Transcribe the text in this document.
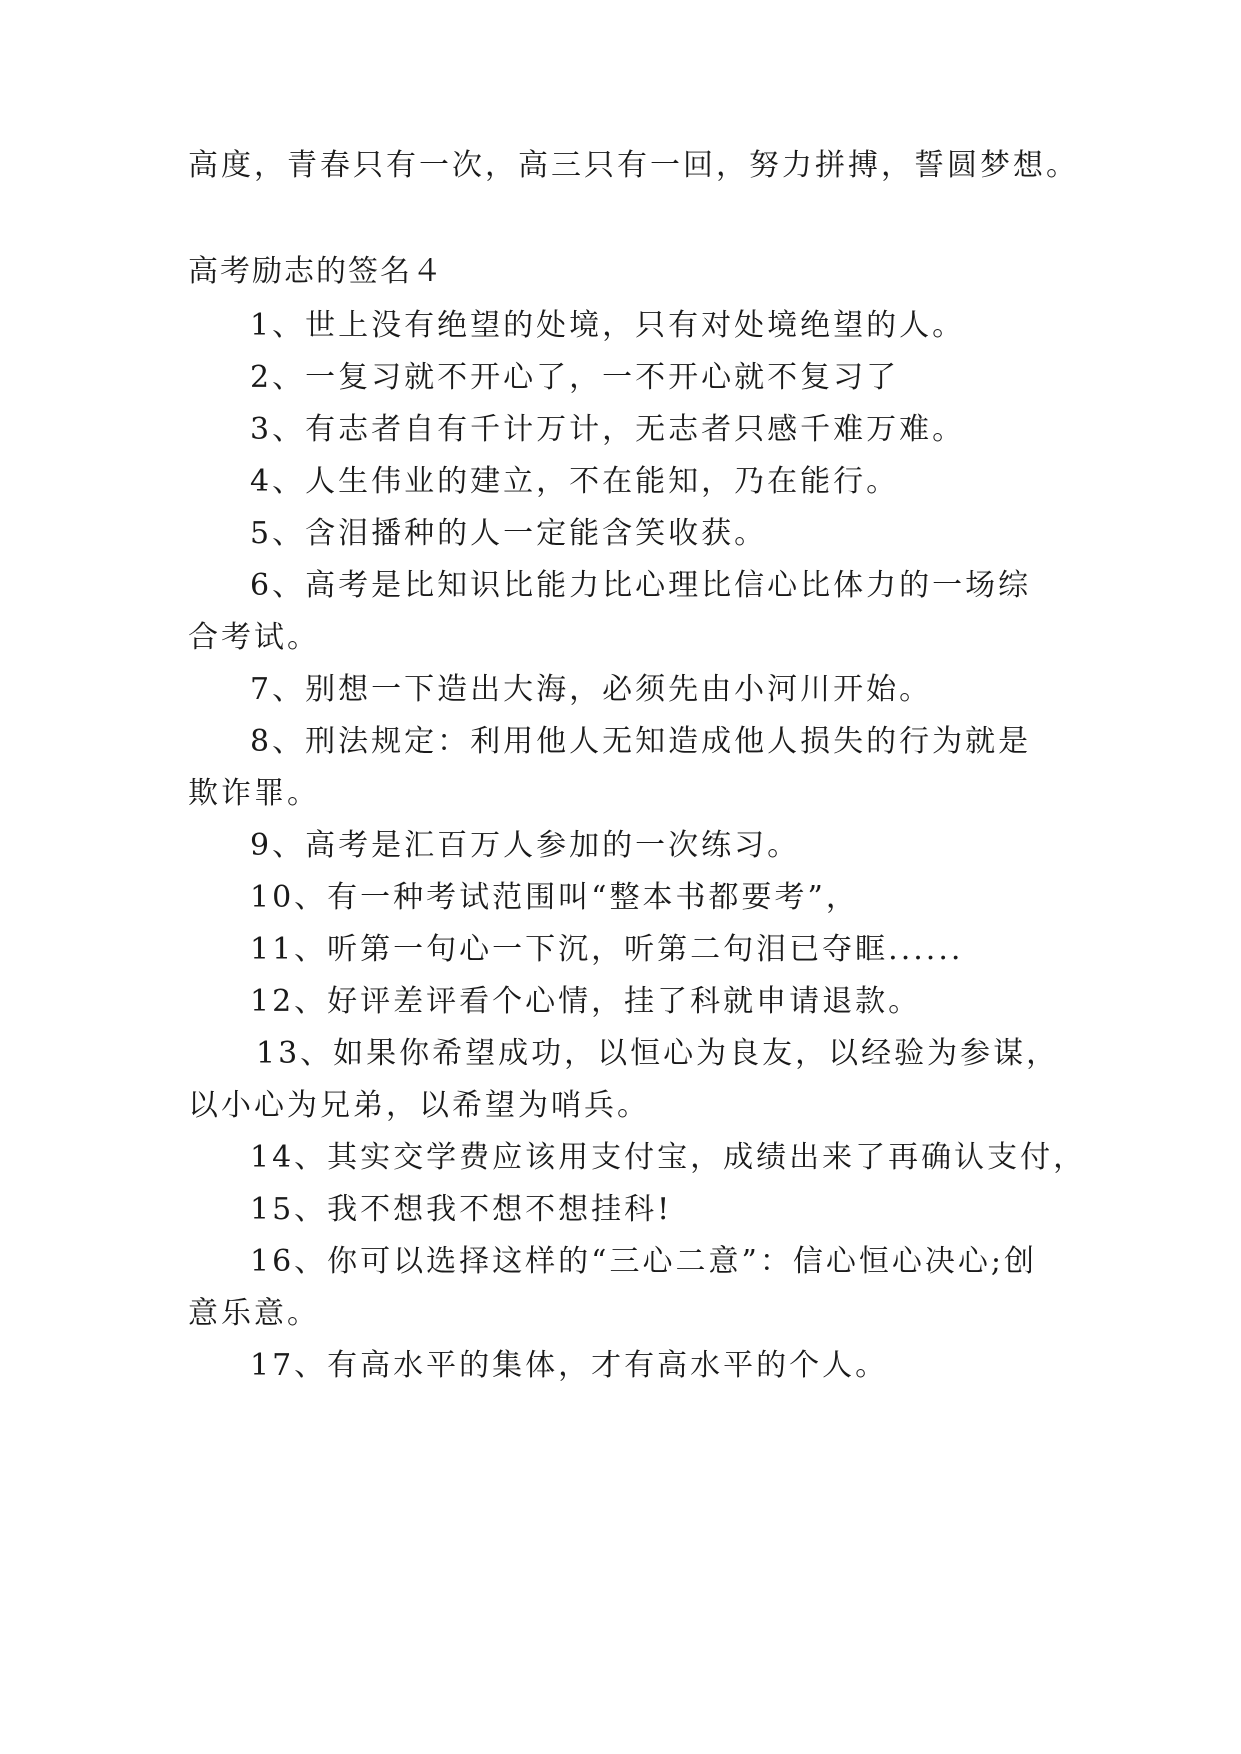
高度，青春只有一次，高三只有一回，努力拼搏，誓圆梦想。
高考励志的签名４
1、世上没有绝望的处境，只有对处境绝望的人。
2、一复习就不开心了，一不开心就不复习了
3、有志者自有千计万计，无志者只感千难万难。
4、人生伟业的建立，不在能知，乃在能行。
5、含泪播种的人一定能含笑收获。
6、高考是比知识比能力比心理比信心比体力的一场综
合考试。
7、别想一下造出大海，必须先由小河川开始。
8、刑法规定：利用他人无知造成他人损失的行为就是
欺诈罪。
9、高考是汇百万人参加的一次练习。
10、有一种考试范围叫“整本书都要考”，
11、听第一句心一下沉，听第二句泪已夺眶......
12、好评差评看个心情，挂了科就申请退款。
13、如果你希望成功，以恒心为良友，以经验为参谋，
以小心为兄弟，以希望为哨兵。
14、其实交学费应该用支付宝，成绩出来了再确认支付，
15、我不想我不想不想挂科!
16、你可以选择这样的“三心二意”：信心恒心决心;创
意乐意。
17、有高水平的集体，才有高水平的个人。
